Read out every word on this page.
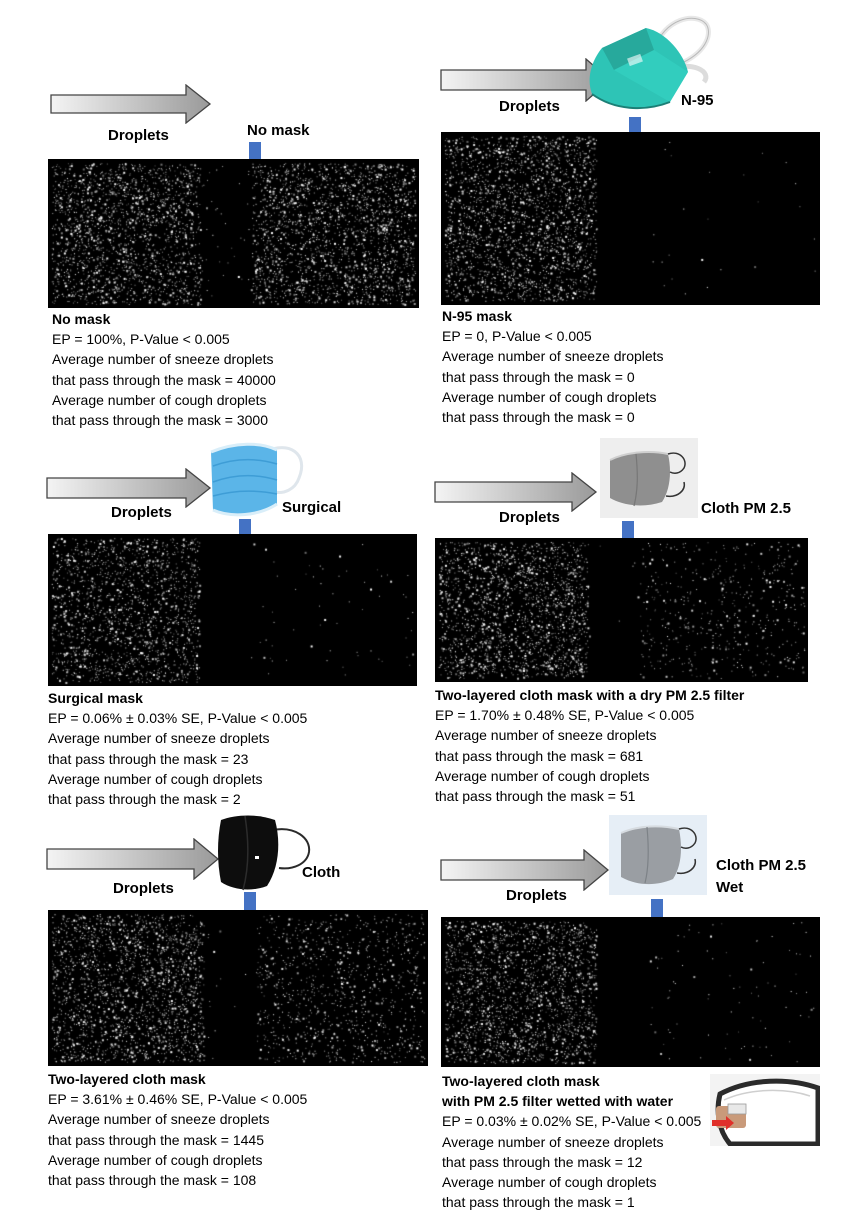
Droplets	No mask
No mask
EP = 100%, P-Value < 0.005
Average number of sneeze droplets
that pass through the mask = 40000
Average number of cough droplets
that pass through the mask = 3000
Droplets	N-95
N-95 mask
EP = 0, P-Value < 0.005
Average number of sneeze droplets
that pass through the mask = 0
Average number of cough droplets
that pass through the mask = 0
Droplets	Surgical
Surgical mask
EP = 0.06% ± 0.03% SE, P-Value < 0.005
Average number of sneeze droplets
that pass through the mask = 23
Average number of cough droplets
that pass through the mask = 2
Droplets
Cloth PM 2.5
Two-layered cloth mask with a dry PM 2.5 filter
EP = 1.70% ± 0.48% SE, P-Value < 0.005
Average number of sneeze droplets
that pass through the mask = 681
Average number of cough droplets
that pass through the mask = 51
Droplets
Cloth
Two-layered cloth mask
EP = 3.61% ± 0.46% SE, P-Value < 0.005
Average number of sneeze droplets
that pass through the mask = 1445
Average number of cough droplets
that pass through the mask = 108
Droplets
Cloth PM 2.5
Wet
Two-layered cloth mask
with PM 2.5 filter wetted with water
EP = 0.03% ± 0.02% SE, P-Value < 0.005
Average number of sneeze droplets
that pass through the mask = 12
Average number of cough droplets
that pass through the mask = 1
